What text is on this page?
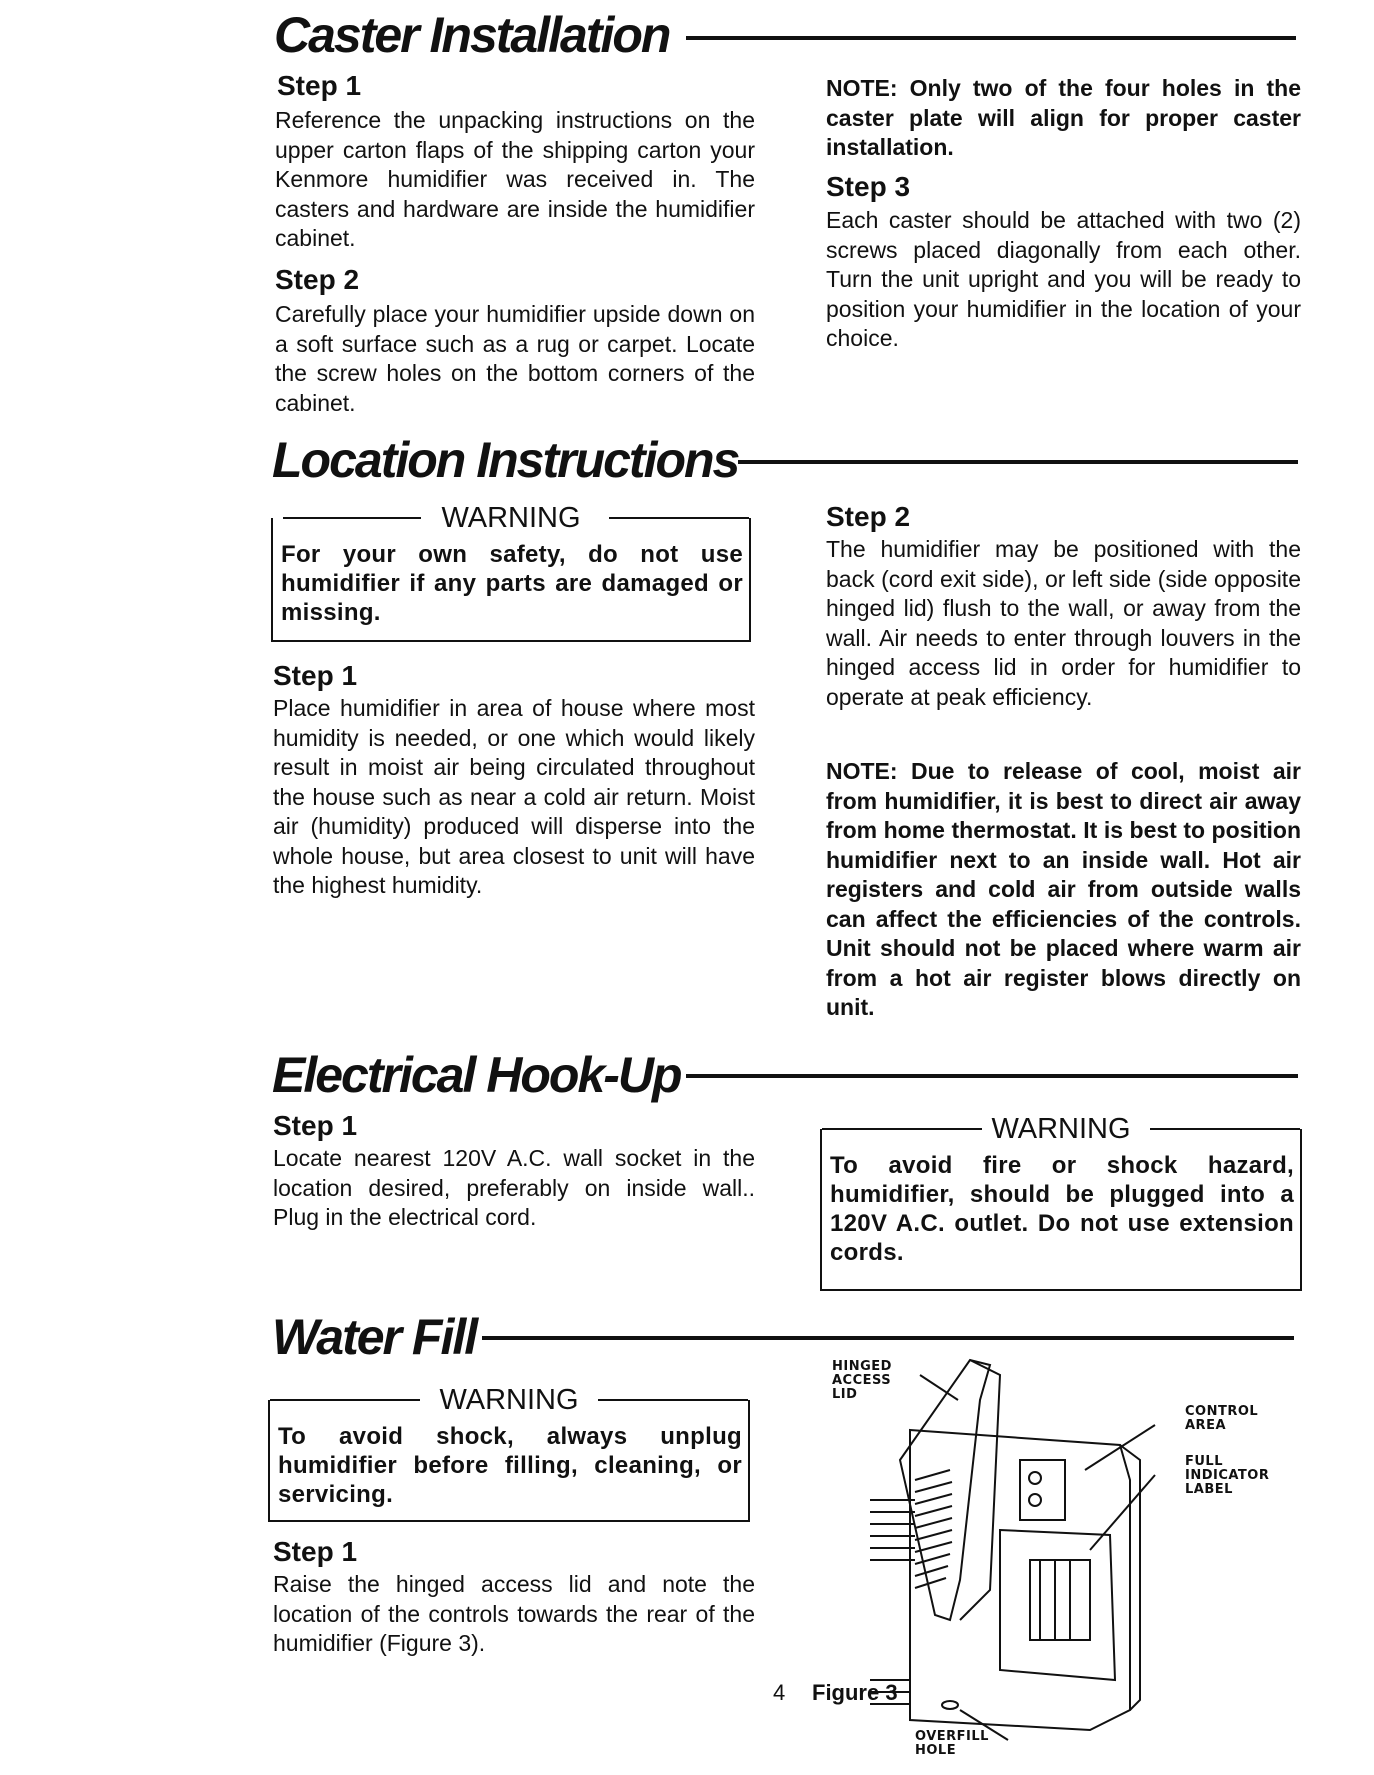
Caster Installation
Step 1
Reference the unpacking instructions on the upper carton flaps of the shipping carton your Kenmore humidifier was received in. The casters and hardware are inside the humidifier cabinet.
Step 2
Carefully place your humidifier upside down on a soft surface such as a rug or carpet. Locate the screw holes on the bottom corners of the cabinet.
NOTE: Only two of the four holes in the caster plate will align for proper caster installation.
Step 3
Each caster should be attached with two (2) screws placed diagonally from each other. Turn the unit upright and you will be ready to position your humidifier in the location of your choice.
Location Instructions
WARNING
For your own safety, do not use humidifier if any parts are damaged or missing.
Step 1
Place humidifier in area of house where most humidity is needed, or one which would likely result in moist air being circulated throughout the house such as near a cold air return. Moist air (humidity) produced will disperse into the whole house, but area closest to unit will have the highest humidity.
Step 2
The humidifier may be positioned with the back (cord exit side), or left side (side opposite hinged lid) flush to the wall, or away from the wall. Air needs to enter through louvers in the hinged access lid in order for humidifier to operate at peak efficiency.
NOTE: Due to release of cool, moist air from humidifier, it is best to direct air away from home thermostat. It is best to position humidifier next to an inside wall. Hot air registers and cold air from outside walls can affect the efficiencies of the controls. Unit should not be placed where warm air from a hot air register blows directly on unit.
Electrical Hook-Up
Step 1
Locate nearest 120V A.C. wall socket in the location desired, preferably on inside wall.. Plug in the electrical cord.
WARNING
To avoid fire or shock hazard, humidifier, should be plugged into a 120V A.C. outlet. Do not use extension cords.
Water Fill
WARNING
To avoid shock, always unplug humidifier before filling, cleaning, or servicing.
Step 1
Raise the hinged access lid and note the location of the controls towards the rear of the humidifier (Figure 3).
HINGED
ACCESS
LID
CONTROL
AREA
FULL
INDICATOR
LABEL
OVERFILL
HOLE
4 Figure 3
